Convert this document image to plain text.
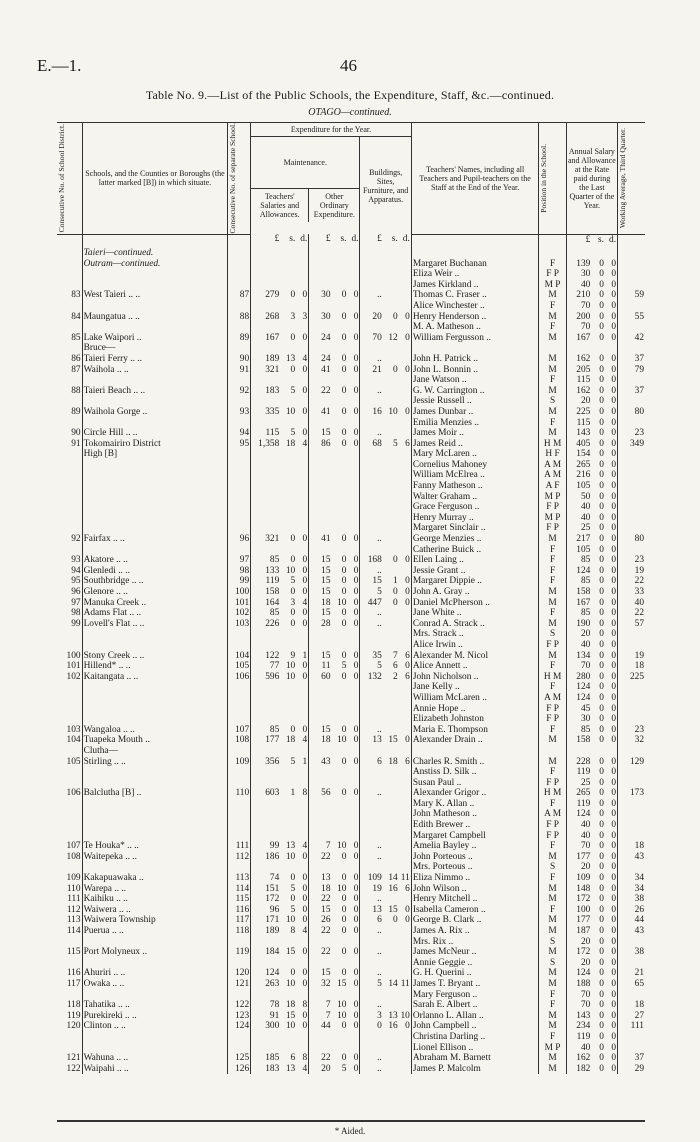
E.—1.	46
Table No. 9.—List of the Public Schools, the Expenditure, Staff, &c.—continued.
OTAGO—continued.
Consecutive No. of School District.	Schools, and the Counties or Boroughs (the latter marked [B]) in which situate.	Consecutive No. of separate School.	Expenditure for the Year.									Teachers' Names, including all Teachers and Pupil-teachers on the Staff at the End of the Year.	Position in the School.	Annual Salary and Allowance at the Rate paid during the Last Quarter of the Year.			Working Average, Third Quarter.

			Maintenance.						Buildings, Sites, Furniture, and Apparatus.								
			Teachers' Salaries and Allowances.			Other Ordinary Expenditure.											

			£	s.	d.	£	s.	d.	£	s.	d.			£	s.	d.	
	Taieri—continued.																
	Outram—continued.											Margaret Buchanan	F	139	0	0	
												Eliza Weir ..	F P	30	0	0	
												James Kirkland ..	M P	40	0	0	
83	West Taieri .. ..	87	279	0	0	30	0	0	..			Thomas C. Fraser ..	M	210	0	0	59
												Alice Winchester ..	F	70	0	0	
84	Maungatua .. ..	88	268	3	3	30	0	0	20	0	0	Henry Henderson ..	M	200	0	0	55
												M. A. Matheson ..	F	70	0	0	
85	Lake Waipori ..	89	167	0	0	24	0	0	70	12	0	William Fergusson ..	M	167	0	0	42
	Bruce—																
86	Taieri Ferry .. ..	90	189	13	4	24	0	0	..			John H. Patrick ..	M	162	0	0	37
87	Waihola .. ..	91	321	0	0	41	0	0	21	0	0	John L. Bonnin ..	M	205	0	0	79
												Jane Watson ..	F	115	0	0	
88	Taieri Beach .. ..	92	183	5	0	22	0	0	..			G. W. Carrington ..	M	162	0	0	37
												Jessie Russell ..	S	20	0	0	
89	Waihola Gorge ..	93	335	10	0	41	0	0	16	10	0	James Dunbar ..	M	225	0	0	80
												Emilia Menzies ..	F	115	0	0	
90	Circle Hill .. ..	94	115	5	0	15	0	0	..			James Moir ..	M	143	0	0	23
91	Tokomairiro District	95	1,358	18	4	86	0	0	68	5	6	James Reid ..	H M	405	0	0	349
	High [B]											Mary McLaren ..	H F	154	0	0	
												Cornelius Mahoney	A M	265	0	0	
												William McElrea ..	A M	216	0	0	
												Fanny Matheson ..	A F	105	0	0	
												Walter Graham ..	M P	50	0	0	
												Grace Ferguson ..	F P	40	0	0	
												Henry Murray ..	M P	40	0	0	
												Margaret Sinclair ..	F P	25	0	0	
92	Fairfax .. ..	96	321	0	0	41	0	0	..			George Menzies ..	M	217	0	0	80
												Catherine Buick ..	F	105	0	0	
93	Akatore .. ..	97	85	0	0	15	0	0	168	0	0	Ellen Laing ..	F	85	0	0	23
94	Glenledi .. ..	98	133	10	0	15	0	0	..			Jessie Grant ..	F	124	0	0	19
95	Southbridge .. ..	99	119	5	0	15	0	0	15	1	0	Margaret Dippie ..	F	85	0	0	22
96	Glenore .. ..	100	158	0	0	15	0	0	5	0	0	John A. Gray ..	M	158	0	0	33
97	Manuka Creek ..	101	164	3	4	18	10	0	447	0	0	Daniel McPherson ..	M	167	0	0	40
98	Adams Flat .. ..	102	85	0	0	15	0	0	..			Jane White ..	F	85	0	0	22
99	Lovell's Flat .. ..	103	226	0	0	28	0	0	..			Conrad A. Strack ..	M	190	0	0	57
												Mrs. Strack ..	S	20	0	0	
												Alice Irwin ..	F P	40	0	0	
100	Stony Creek .. ..	104	122	9	1	15	0	0	35	7	6	Alexander M. Nicol	M	134	0	0	19
101	Hillend* .. ..	105	77	10	0	11	5	0	5	6	0	Alice Annett ..	F	70	0	0	18
102	Kaitangata .. ..	106	596	10	0	60	0	0	132	2	6	John Nicholson ..	H M	280	0	0	225
												Jane Kelly ..	F	124	0	0	
												William McLaren ..	A M	124	0	0	
												Annie Hope ..	F P	45	0	0	
												Elizabeth Johnston	F P	30	0	0	
103	Wangaloa .. ..	107	85	0	0	15	0	0	..			Maria E. Thompson	F	85	0	0	23
104	Tuapeka Mouth ..	108	177	18	4	18	10	0	13	15	0	Alexander Drain ..	M	158	0	0	32
	Clutha—																
105	Stirling .. ..	109	356	5	1	43	0	0	6	18	6	Charles R. Smith ..	M	228	0	0	129
												Anstiss D. Silk ..	F	119	0	0	
												Susan Paul ..	F P	25	0	0	
106	Balclutha [B] ..	110	603	1	8	56	0	0	..			Alexander Grigor ..	H M	265	0	0	173
												Mary K. Allan ..	F	119	0	0	
												John Matheson ..	A M	124	0	0	
												Edith Brewer ..	F P	40	0	0	
												Margaret Campbell	F P	40	0	0	
107	Te Houka* .. ..	111	99	13	4	7	10	0	..			Amelia Bayley ..	F	70	0	0	18
108	Waitepeka .. ..	112	186	10	0	22	0	0	..			John Porteous ..	M	177	0	0	43
												Mrs. Porteous ..	S	20	0	0	
109	Kakapuawaka ..	113	74	0	0	13	0	0	109	14	11	Eliza Nimmo ..	F	109	0	0	34
110	Warepa .. ..	114	151	5	0	18	10	0	19	16	6	John Wilson ..	M	148	0	0	34
111	Kaihiku .. ..	115	172	0	0	22	0	0	..			Henry Mitchell ..	M	172	0	0	38
112	Waiwera .. ..	116	96	5	0	15	0	0	13	15	0	Isabella Cameron ..	F	100	0	0	26
113	Waiwera Township	117	171	10	0	26	0	0	6	0	0	George B. Clark ..	M	177	0	0	44
114	Puerua .. ..	118	189	8	4	22	0	0	..			James A. Rix ..	M	187	0	0	43
												Mrs. Rix ..	S	20	0	0	
115	Port Molyneux ..	119	184	15	0	22	0	0	..			James McNeur ..	M	172	0	0	38
												Annie Geggie ..	S	20	0	0	
116	Ahuriri .. ..	120	124	0	0	15	0	0	..			G. H. Querini ..	M	124	0	0	21
117	Owaka .. ..	121	263	10	0	32	15	0	5	14	11	James T. Bryant ..	M	188	0	0	65
												Mary Ferguson ..	F	70	0	0	
118	Tahatika .. ..	122	78	18	8	7	10	0	..			Sarah E. Albert ..	F	70	0	0	18
119	Purekireki .. ..	123	91	15	0	7	10	0	3	13	10	Orlanno L. Allan ..	M	143	0	0	27
120	Clinton .. ..	124	300	10	0	44	0	0	0	16	0	John Campbell ..	M	234	0	0	111
												Christina Darling ..	F	119	0	0	
												Lionel Ellison ..	M P	40	0	0	
121	Wahuna .. ..	125	185	6	8	22	0	0	..			Abraham M. Barnett	M	162	0	0	37
122	Waipahi .. ..	126	183	13	4	20	5	0	..			James P. Malcolm	M	182	0	0	29
* Aided.
